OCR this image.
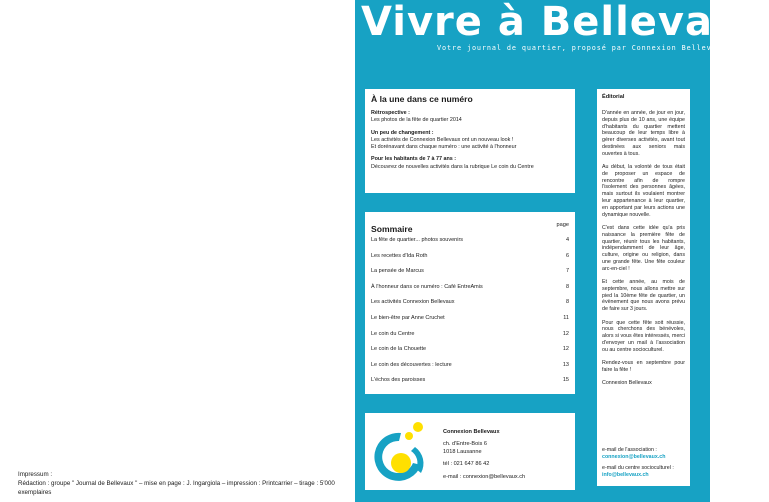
Impressum :
Rédaction : groupe " Journal de Bellevaux " – mise en page : J. Ingargiola – impression : Printcarrier – tirage : 5'000 exemplaires
Vivre à Bellevaux
Votre journal de quartier, proposé par Connexion Bellevaux
À la une dans ce numéro
Rétrospective :
Les photos de la fête de quartier 2014
Un peu de changement :
Les activités de Connexion Bellevaux ont un nouveau look !
Et dorénavant dans chaque numéro : une activité à l'honneur
Pour les habitants de 7 à 77 ans :
Découvrez de nouvelles activités dans la rubrique Le coin du Centre
Sommaire	page
La fête de quartier... photos souvenirs	4
Les recettes d'Ida Roth	6
La pensée de Marcus	7
À l'honneur dans ce numéro : Café EntreAmis	8
Les activités Connexion Bellevaux	8
Le bien-être par Anne Cruchet	11
Le coin du Centre	12
Le coin de la Chouette	12
Le coin des découvertes : lecture	13
L'échos des paroisses	15
Éditorial

D'année en année, de jour en jour, depuis plus de 10 ans, une équipe d'habitants du quartier mettent beaucoup de leur temps libre à gérer diverses activités, avant tout destinées aux seniors mais ouvertes à tous.

Au début, la volonté de tous était de proposer un espace de rencontre afin de rompre l'isolement des personnes âgées, mais surtout ils voulaient montrer leur appartenance à leur quartier, en apportant par leurs actions une dynamique nouvelle.

C'est dans cette idée qu'a pris naissance la première fête de quartier, réunir tous les habitants, indépendamment de leur âge, culture, origine ou religion, dans une grande fête. Une fête couleur arc-en-ciel !

Et cette année, au mois de septembre, nous allons mettre sur pied la 10ème fête de quartier, un évènement que nous avons prévu de faire sur 3 jours.

Pour que cette fête soit réussie, nous cherchons des bénévoles, alors si vous êtes intéressés, merci d'envoyer un mail à l'association ou au centre socioculturel.

Rendez-vous en septembre pour faire la fête !

Connexion Bellevaux
e-mail de l'association :
connexion@bellevaux.ch
e-mail du centre socioculturel :
info@bellevaux.ch
Connexion Bellevaux
ch. d'Entre-Bois 6
1018 Lausanne
tél : 021 647 86 42
e-mail : connexion@bellevaux.ch
